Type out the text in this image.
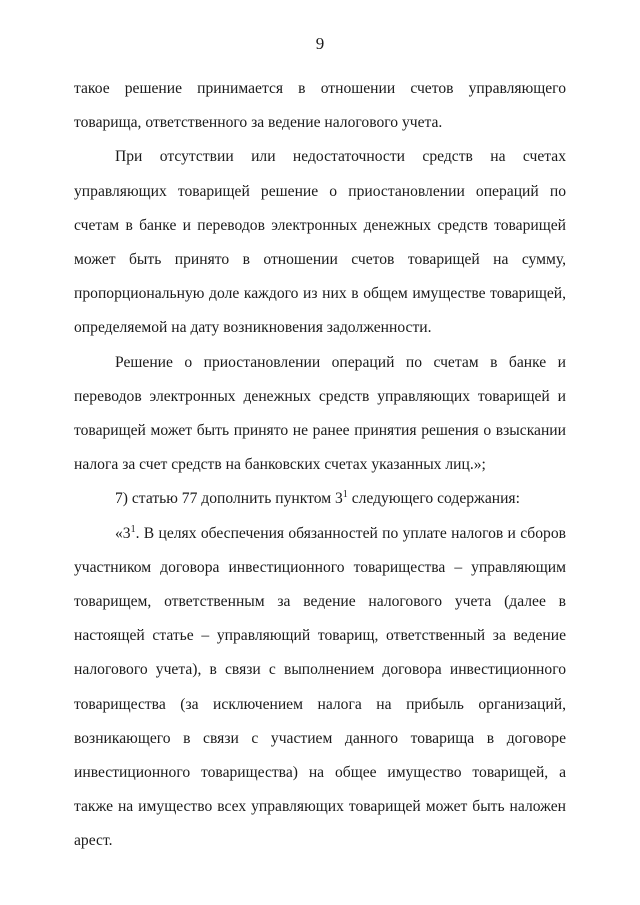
9

такое решение принимается в отношении счетов управляющего товарища, ответственного за ведение налогового учета.

При отсутствии или недостаточности средств на счетах управляющих товарищей решение о приостановлении операций по счетам в банке и переводов электронных денежных средств товарищей может быть принято в отношении счетов товарищей на сумму, пропорциональную доле каждого из них в общем имуществе товарищей, определяемой на дату возникновения задолженности.

Решение о приостановлении операций по счетам в банке и переводов электронных денежных средств управляющих товарищей и товарищей может быть принято не ранее принятия решения о взыскании налога за счет средств на банковских счетах указанных лиц.»;

7) статью 77 дополнить пунктом $3^1$ следующего содержания:

«$3^1$. В целях обеспечения обязанностей по уплате налогов и сборов участником договора инвестиционного товарищества – управляющим товарищем, ответственным за ведение налогового учета (далее в настоящей статье – управляющий товарищ, ответственный за ведение налогового учета), в связи с выполнением договора инвестиционного товарищества (за исключением налога на прибыль организаций, возникающего в связи с участием данного товарища в договоре инвестиционного товарищества) на общее имущество товарищей, а также на имущество всех управляющих товарищей может быть наложен арест.
